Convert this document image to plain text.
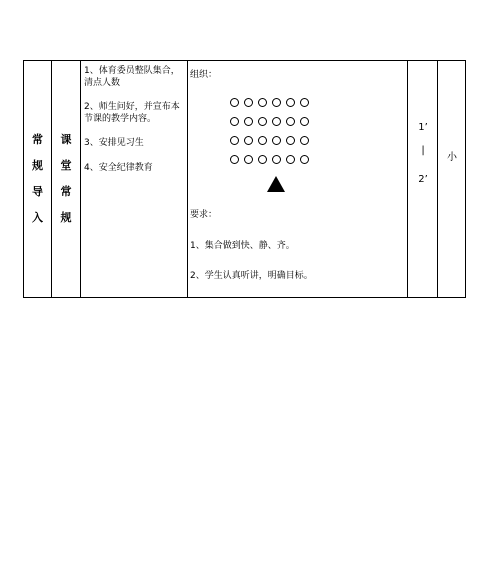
常
规
导
入
课
堂
常
规
1、体育委员整队集合，清点人数
2、师生问好，并宣布本节课的教学内容。
3、安排见习生
4、安全纪律教育
组织：
要求：
1、集合做到快、静、齐。
2、学生认真听讲，明确目标。
1’
|
2’
小
